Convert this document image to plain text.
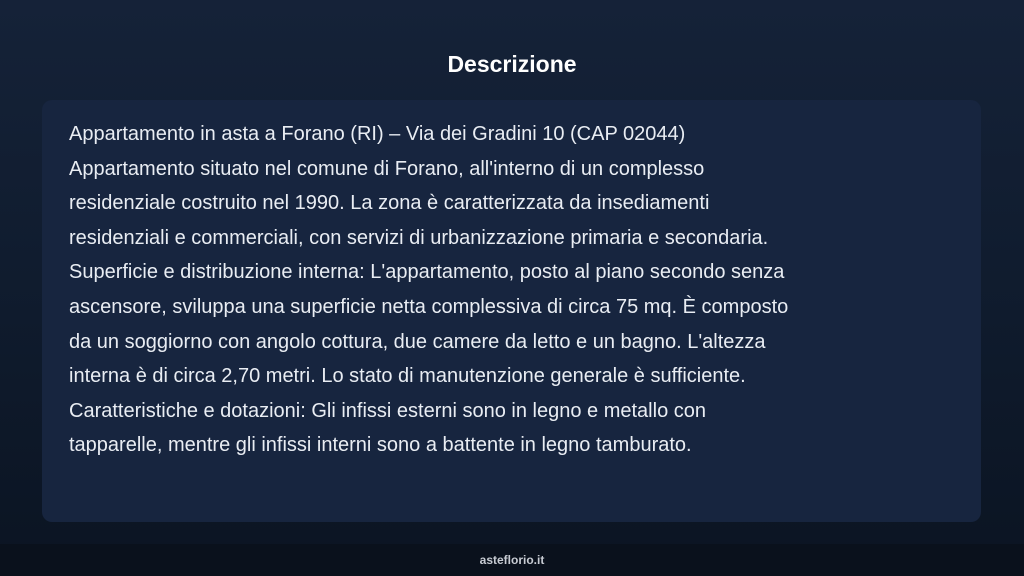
Descrizione
Appartamento in asta a Forano (RI) – Via dei Gradini 10 (CAP 02044)
Appartamento situato nel comune di Forano, all'interno di un complesso
residenziale costruito nel 1990. La zona è caratterizzata da insediamenti
residenziali e commerciali, con servizi di urbanizzazione primaria e secondaria.
Superficie e distribuzione interna: L'appartamento, posto al piano secondo senza
ascensore, sviluppa una superficie netta complessiva di circa 75 mq. È composto
da un soggiorno con angolo cottura, due camere da letto e un bagno. L'altezza
interna è di circa 2,70 metri. Lo stato di manutenzione generale è sufficiente.
Caratteristiche e dotazioni: Gli infissi esterni sono in legno e metallo con
tapparelle, mentre gli infissi interni sono a battente in legno tamburato.
asteflorio.it
